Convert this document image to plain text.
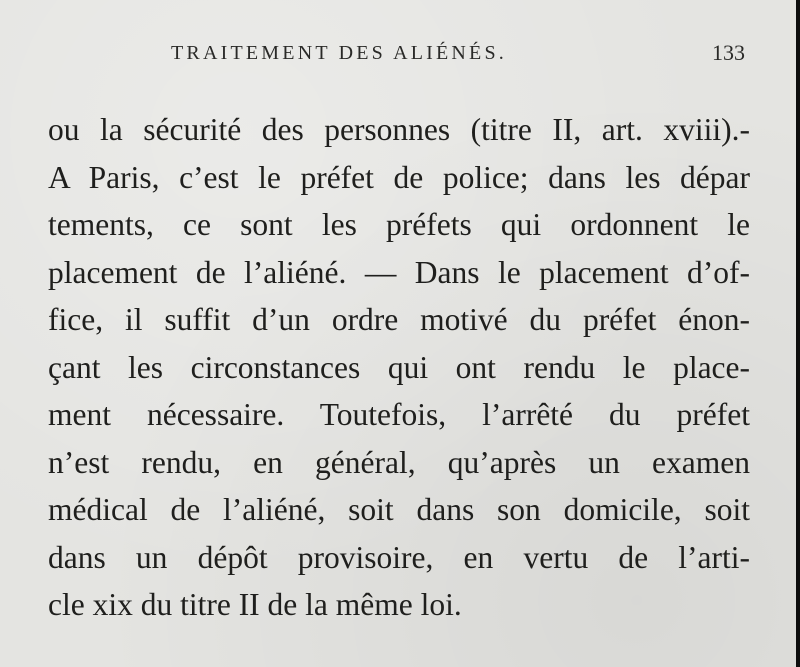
TRAITEMENT DES ALIÉNÉS.	133
ou la sécurité des personnes (titre II, art. xviii).-
A Paris, c’est le préfet de police; dans les dépar
tements, ce sont les préfets qui ordonnent le
placement de l’aliéné. — Dans le placement d’of-
fice, il suffit d’un ordre motivé du préfet énon-
çant les circonstances qui ont rendu le place-
ment nécessaire. Toutefois, l’arrêté du préfet
n’est rendu, en général, qu’après un examen
médical de l’aliéné, soit dans son domicile, soit
dans un dépôt provisoire, en vertu de l’arti-
cle xix du titre II de la même loi.
